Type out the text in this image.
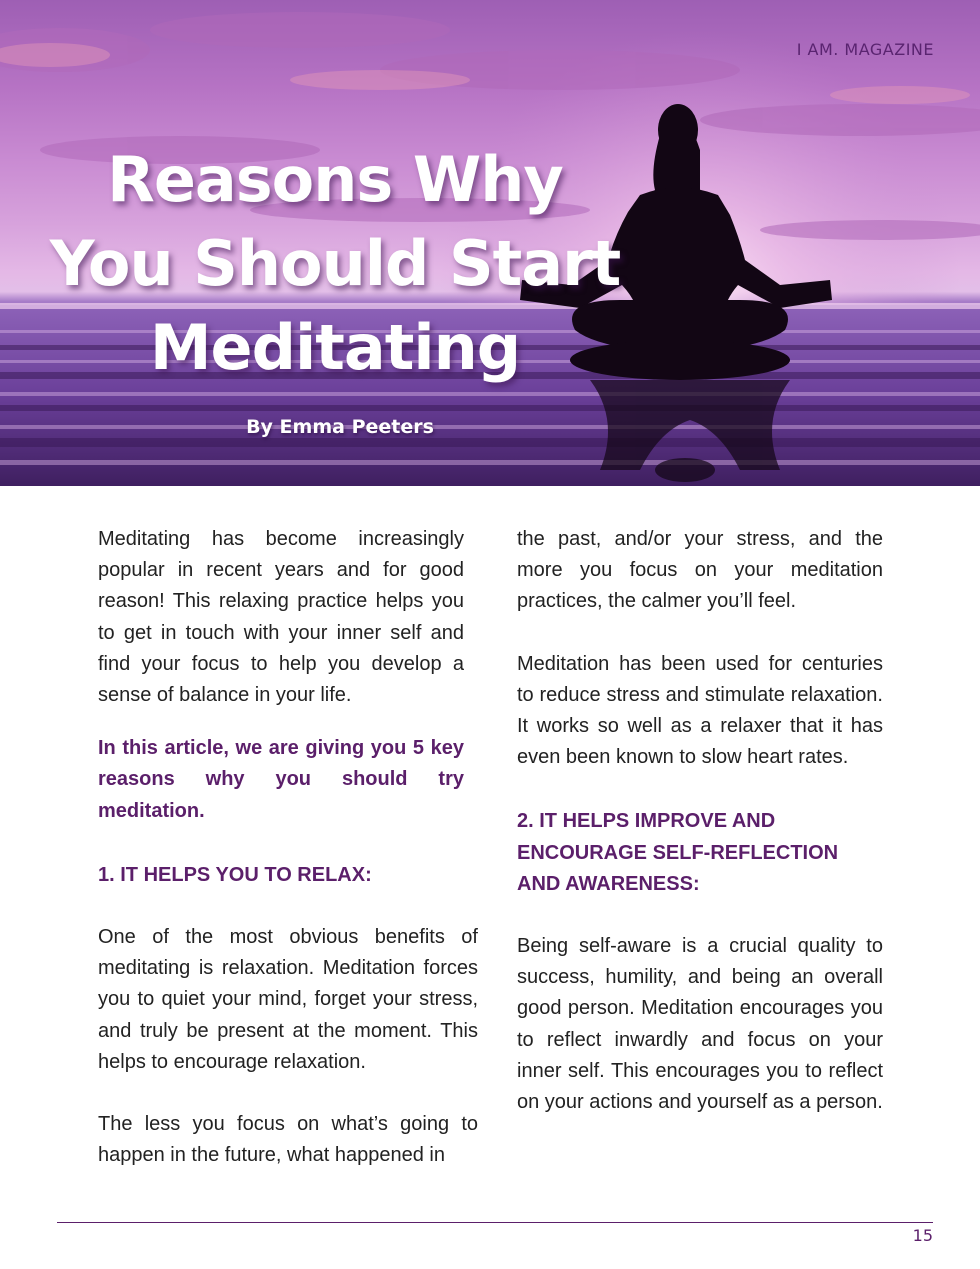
I AM. MAGAZINE
Reasons Why You Should Start Meditating
By Emma Peeters

Meditating has become increasingly popular in recent years and for good reason! This relaxing practice helps you to get in touch with your inner self and find your focus to help you develop a sense of balance in your life.

In this article, we are giving you 5 key reasons why you should try meditation.

1. IT HELPS YOU TO RELAX:

One of the most obvious benefits of meditating is relaxation. Meditation forces you to quiet your mind, forget your stress, and truly be present at the moment. This helps to encourage relaxation.

The less you focus on what’s going to happen in the future, what happened in

the past, and/or your stress, and the more you focus on your meditation practices, the calmer you’ll feel.

Meditation has been used for centuries to reduce stress and stimulate relaxation. It works so well as a relaxer that it has even been known to slow heart rates.

2. IT HELPS IMPROVE AND ENCOURAGE SELF-REFLECTION AND AWARENESS:

Being self-aware is a crucial quality to success, humility, and being an overall good person. Meditation encourages you to reflect inwardly and focus on your inner self. This encourages you to reflect on your actions and yourself as a person.

15
